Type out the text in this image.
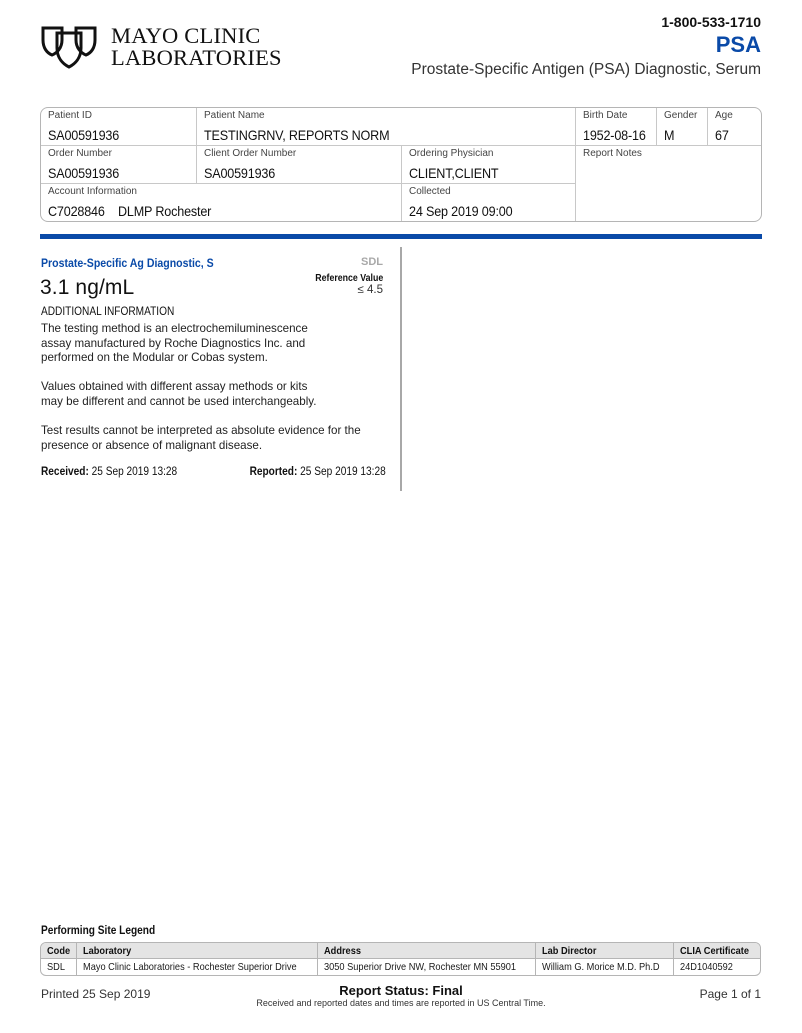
MAYO CLINIC
LABORATORIES
1-800-533-1710
PSA
Prostate-Specific Antigen (PSA) Diagnostic, Serum
Patient ID
SA00591936
Patient Name
TESTINGRNV, REPORTS NORM
Birth Date
1952-08-16
Gender
M
Age
67
Order Number
SA00591936
Client Order Number
SA00591936
Ordering Physician
CLIENT,CLIENT
Report Notes
Account Information
C7028846    DLMP Rochester
Collected
24 Sep 2019 09:00
Prostate-Specific Ag Diagnostic, S	SDL
Reference Value
≤ 4.5
3.1 ng/mL
ADDITIONAL INFORMATION
The testing method is an electrochemiluminescence
assay manufactured by Roche Diagnostics Inc. and
performed on the Modular or Cobas system.
Values obtained with different assay methods or kits
may be different and cannot be used interchangeably.
Test results cannot be interpreted as absolute evidence for the
presence or absence of malignant disease.
Received: 25 Sep 2019 13:28	Reported: 25 Sep 2019 13:28
Performing Site Legend
Code	Laboratory	Address	Lab Director	CLIA Certificate
SDL	Mayo Clinic Laboratories - Rochester Superior Drive	3050 Superior Drive NW, Rochester MN 55901	William G. Morice M.D. Ph.D	24D1040592
Printed 25 Sep 2019	Report Status: Final
Received and reported dates and times are reported in US Central Time.
Page 1 of 1
